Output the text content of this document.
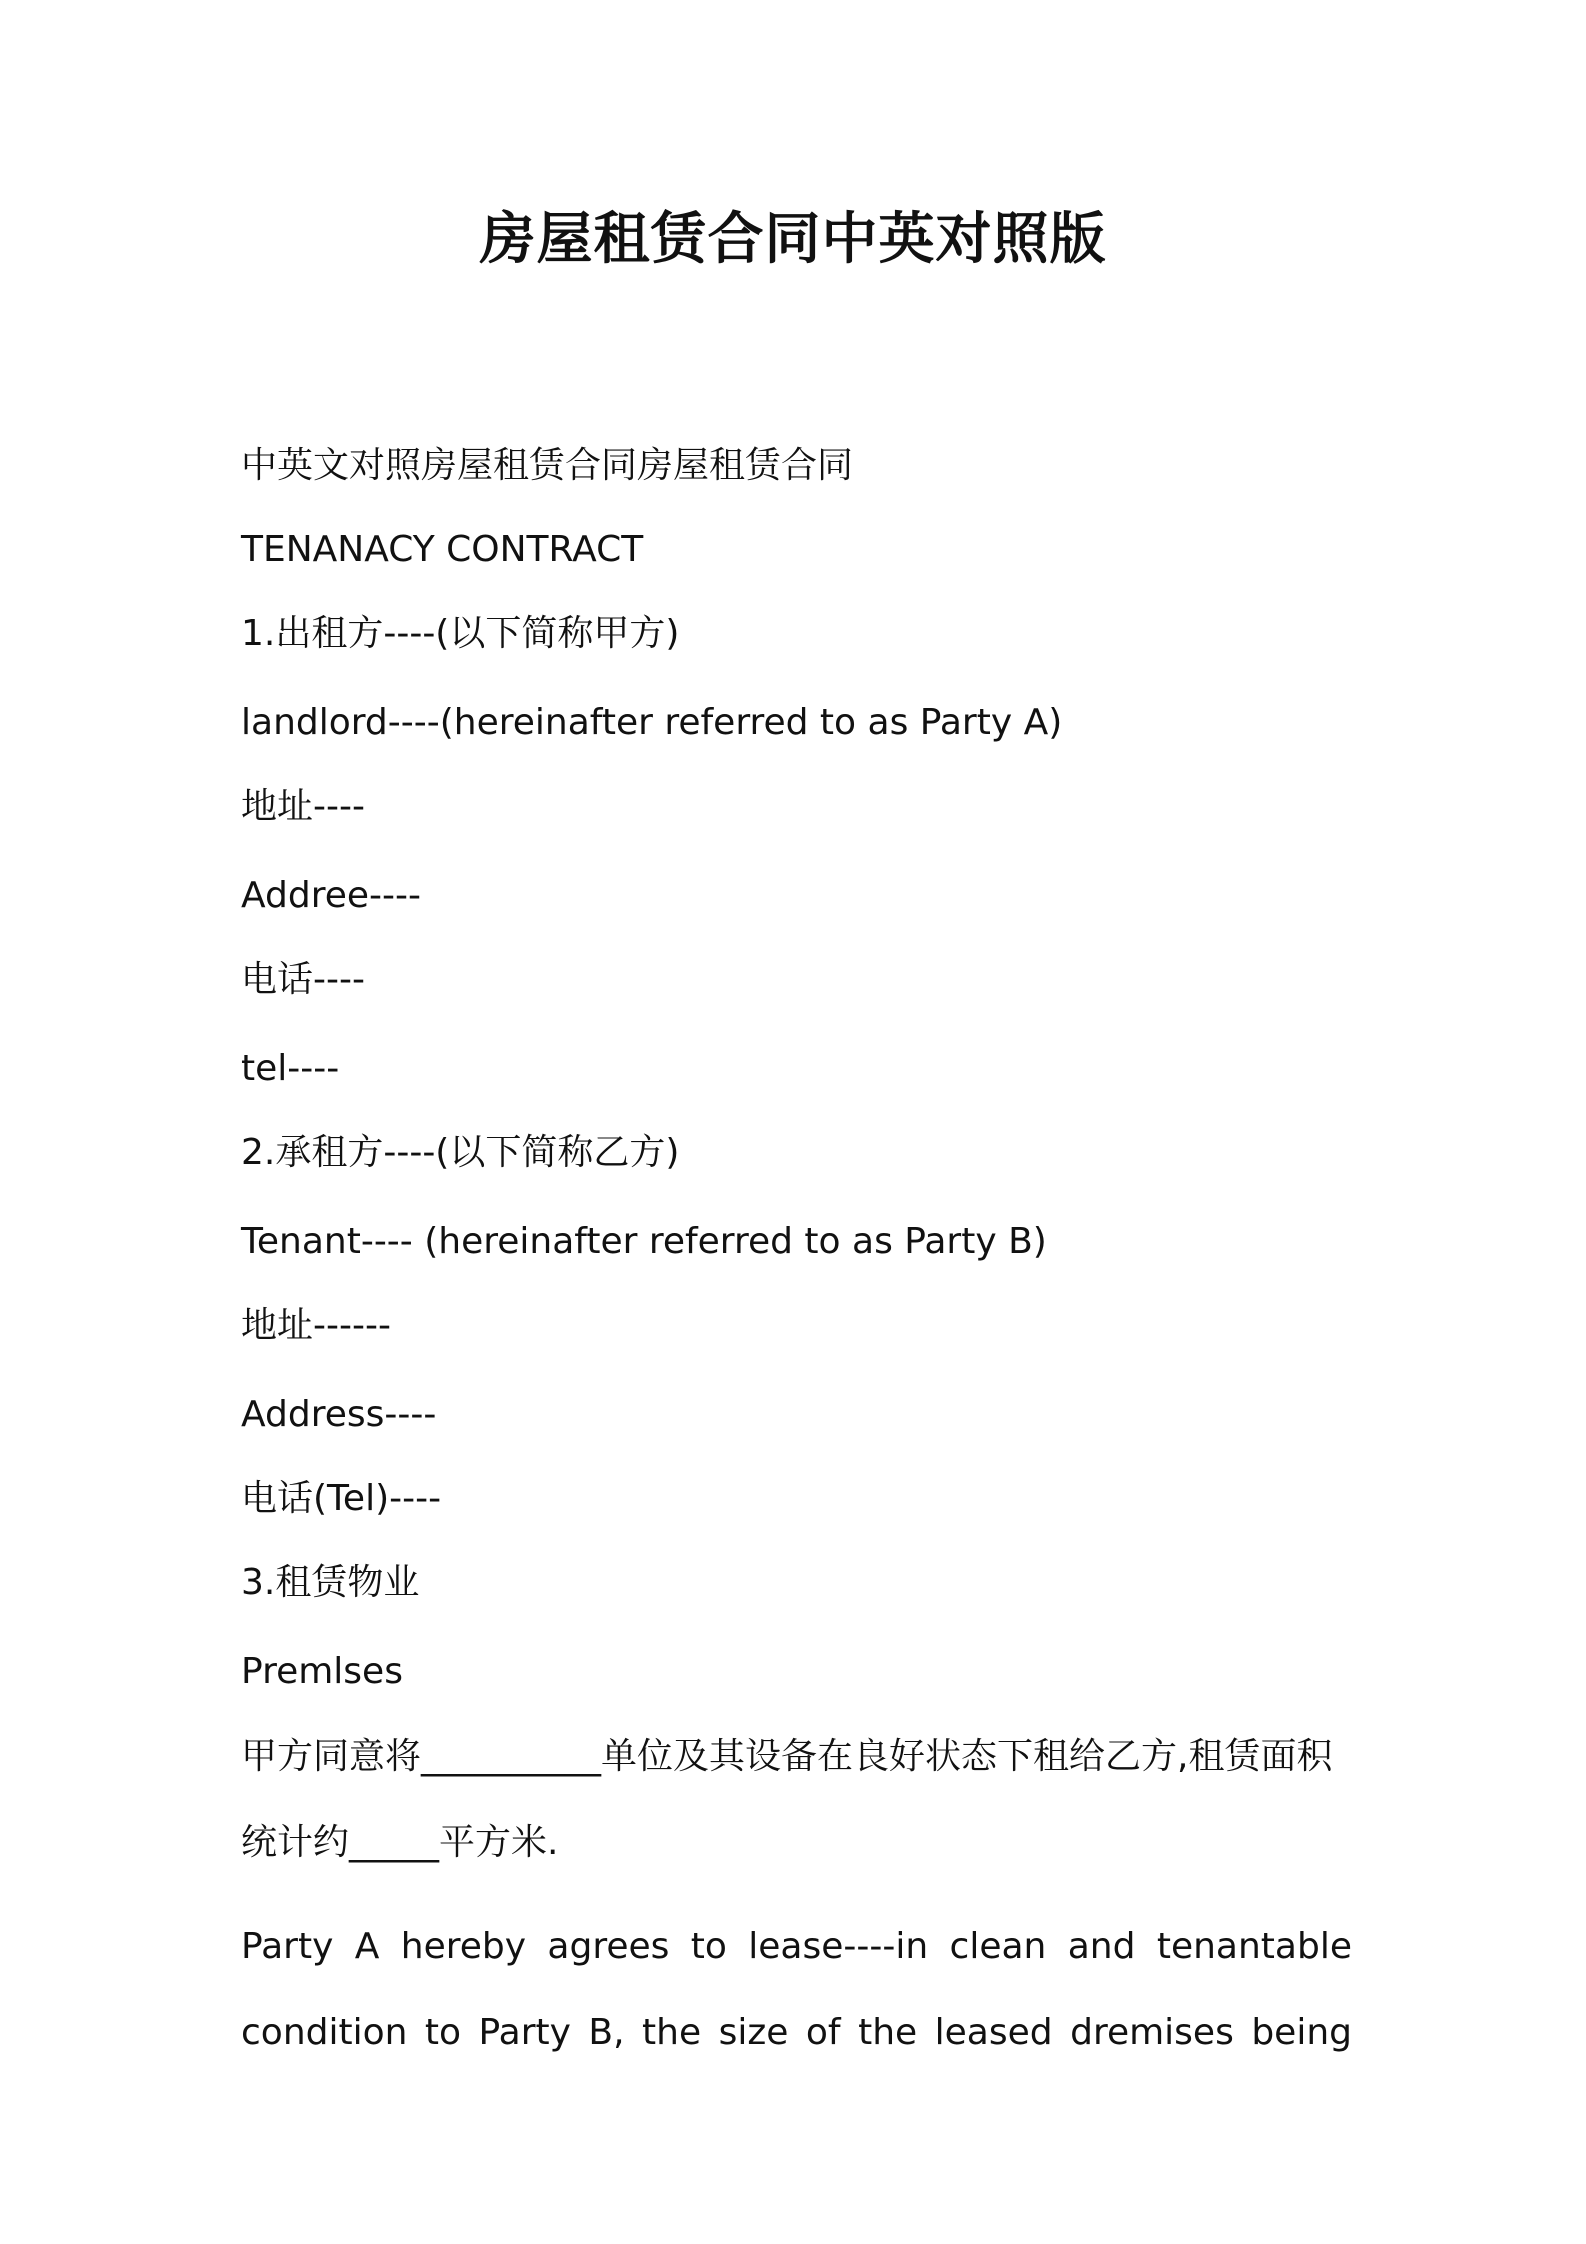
房屋租赁合同中英对照版
中英文对照房屋租赁合同房屋租赁合同
TENANACY CONTRACT
1.出租方----(以下简称甲方)
landlord----(hereinafter referred to as Party A)
地址----
Addree----
电话----
tel----
2.承租方----(以下简称乙方)
Tenant---- (hereinafter referred to as Party B)
地址------
Address----
电话(Tel)----
3.租赁物业
Premlses
甲方同意将__________单位及其设备在良好状态下租给乙方,租赁面积统计约_____平方米.
Party A hereby agrees to lease----in clean and tenantable condition to Party B, the size of the leased dremises being
